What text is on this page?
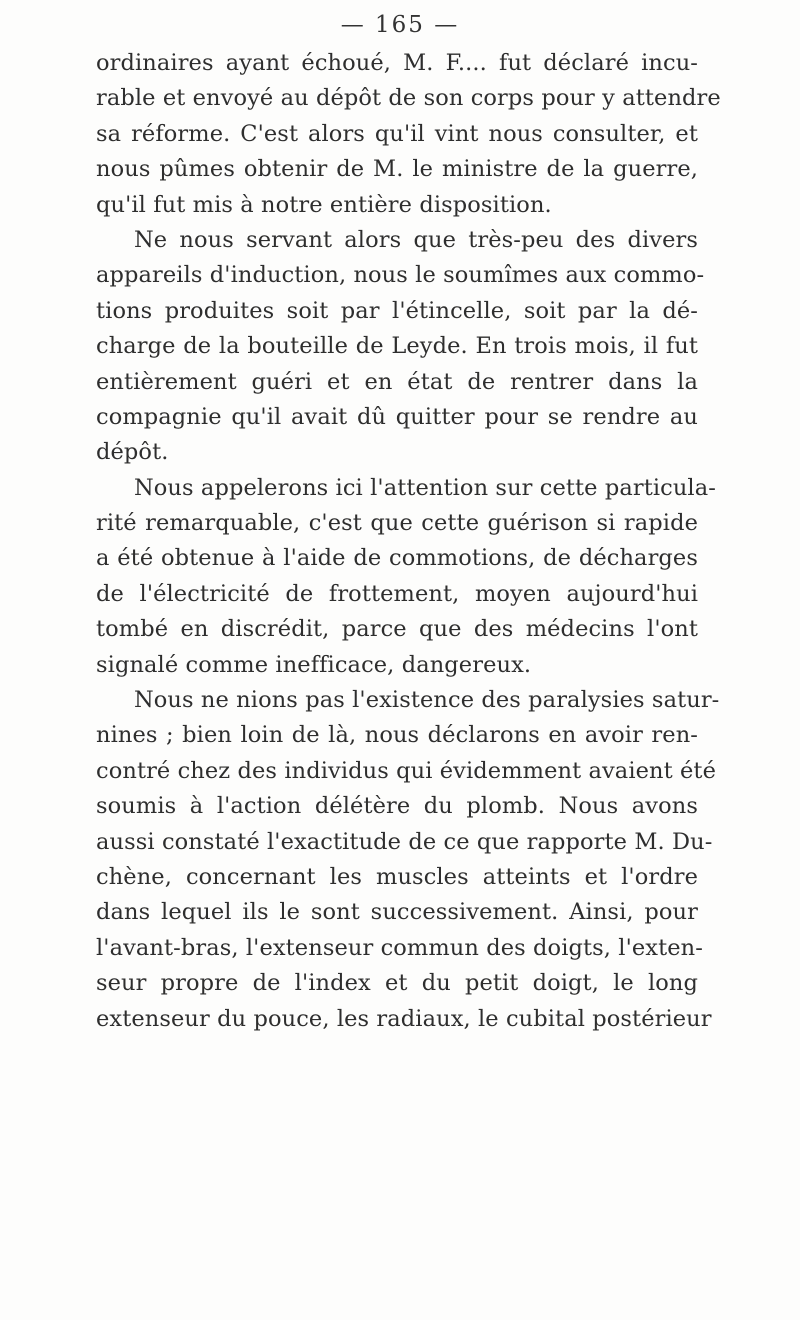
— 165 —
ordinaires ayant échoué, M. F.... fut déclaré incu-
rable et envoyé au dépôt de son corps pour y attendre
sa réforme. C'est alors qu'il vint nous consulter, et
nous pûmes obtenir de M. le ministre de la guerre,
qu'il fut mis à notre entière disposition.
Ne nous servant alors que très-peu des divers
appareils d'induction, nous le soumîmes aux commo-
tions produites soit par l'étincelle, soit par la dé-
charge de la bouteille de Leyde. En trois mois, il fut
entièrement guéri et en état de rentrer dans la
compagnie qu'il avait dû quitter pour se rendre au
dépôt.
Nous appelerons ici l'attention sur cette particula-
rité remarquable, c'est que cette guérison si rapide
a été obtenue à l'aide de commotions, de décharges
de l'électricité de frottement, moyen aujourd'hui
tombé en discrédit, parce que des médecins l'ont
signalé comme inefficace, dangereux.
Nous ne nions pas l'existence des paralysies satur-
nines ; bien loin de là, nous déclarons en avoir ren-
contré chez des individus qui évidemment avaient été
soumis à l'action délétère du plomb. Nous avons
aussi constaté l'exactitude de ce que rapporte M. Du-
chène, concernant les muscles atteints et l'ordre
dans lequel ils le sont successivement. Ainsi, pour
l'avant-bras, l'extenseur commun des doigts, l'exten-
seur propre de l'index et du petit doigt, le long
extenseur du pouce, les radiaux, le cubital postérieur
